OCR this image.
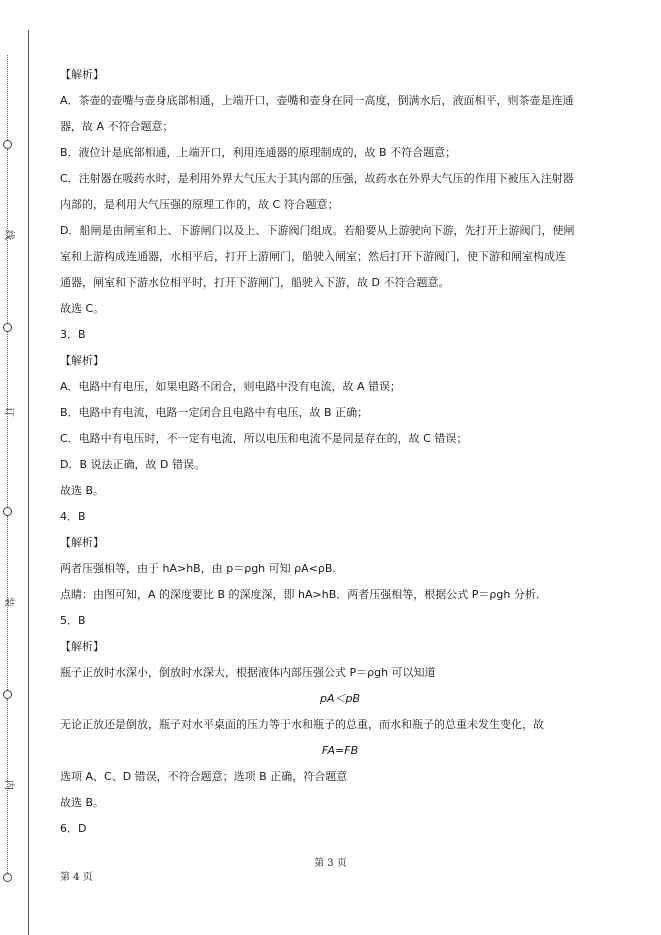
线
订
装
内
【解析】
A．茶壶的壶嘴与壶身底部相通，上端开口，壶嘴和壶身在同一高度，倒满水后，液面相平，则茶壶是连通
器，故 A 不符合题意；
B．液位计是底部相通，上端开口，利用连通器的原理制成的，故 B 不符合题意；
C．注射器在吸药水时，是利用外界大气压大于其内部的压强，故药水在外界大气压的作用下被压入注射器
内部的，是利用大气压强的原理工作的，故 C 符合题意；
D．船闸是由闸室和上、下游闸门以及上、下游阀门组成。若船要从上游驶向下游，先打开上游阀门，使闸
室和上游构成连通器，水相平后，打开上游闸门，船驶入闸室；然后打开下游阀门，使下游和闸室构成连
通器，闸室和下游水位相平时，打开下游闸门，船驶入下游，故 D 不符合题意。
故选 C。
3．B
【解析】
A．电路中有电压，如果电路不闭合，则电路中没有电流，故 A 错误；
B．电路中有电流，电路一定闭合且电路中有电压，故 B 正确；
C．电路中有电压时，不一定有电流，所以电压和电流不是同是存在的，故 C 错误；
D．B 说法正确，故 D 错误。
故选 B。
4．B
【解析】
两者压强相等，由于 hA>hB，由 p＝ρgh 可知 ρA<ρB.
点睛：由图可知，A 的深度要比 B 的深度深，即 hA>hB．两者压强相等，根据公式 P＝ρgh 分析．
5．B
【解析】
瓶子正放时水深小，倒放时水深大，根据液体内部压强公式 P＝ρgh 可以知道
pA＜pB
无论正放还是倒放，瓶子对水平桌面的压力等于水和瓶子的总重，而水和瓶子的总重未发生变化，故
FA=FB
选项 A、C、D 错误，不符合题意；选项 B 正确，符合题意
故选 B。
6．D
第 3 页
第 4 页
